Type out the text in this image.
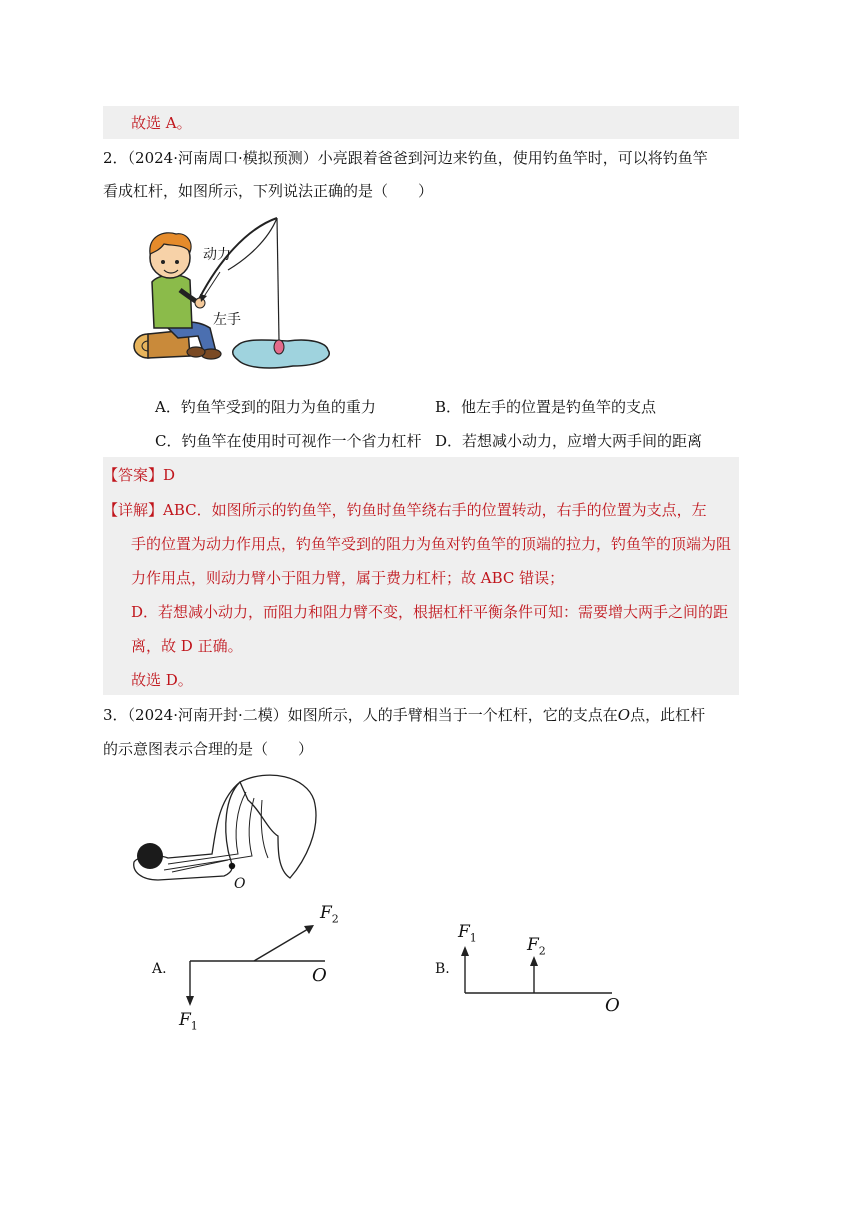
故选 A。
2．（2024·河南周口·模拟预测）小亮跟着爸爸到河边来钓鱼，使用钓鱼竿时，可以将钓鱼竿
看成杠杆，如图所示，下列说法正确的是（　　）
动力
左手
A．钓鱼竿受到的阻力为鱼的重力	B．他左手的位置是钓鱼竿的支点
C．钓鱼竿在使用时可视作一个省力杠杆 D．若想减小动力，应增大两手间的距离
【答案】D
【详解】ABC．如图所示的钓鱼竿，钓鱼时鱼竿绕右手的位置转动，右手的位置为支点，左
手的位置为动力作用点，钓鱼竿受到的阻力为鱼对钓鱼竿的顶端的拉力，钓鱼竿的顶端为阻
力作用点，则动力臂小于阻力臂，属于费力杠杆；故 ABC 错误；
D．若想减小动力，而阻力和阻力臂不变，根据杠杆平衡条件可知：需要增大两手之间的距
离，故 D 正确。
故选 D。
3．（2024·河南开封·二模）如图所示，人的手臂相当于一个杠杆，它的支点在O点，此杠杆
的示意图表示合理的是（　　）
O
A.
$F_2$
O
$F_1$
B.
$F_1$	$F_2$
O
